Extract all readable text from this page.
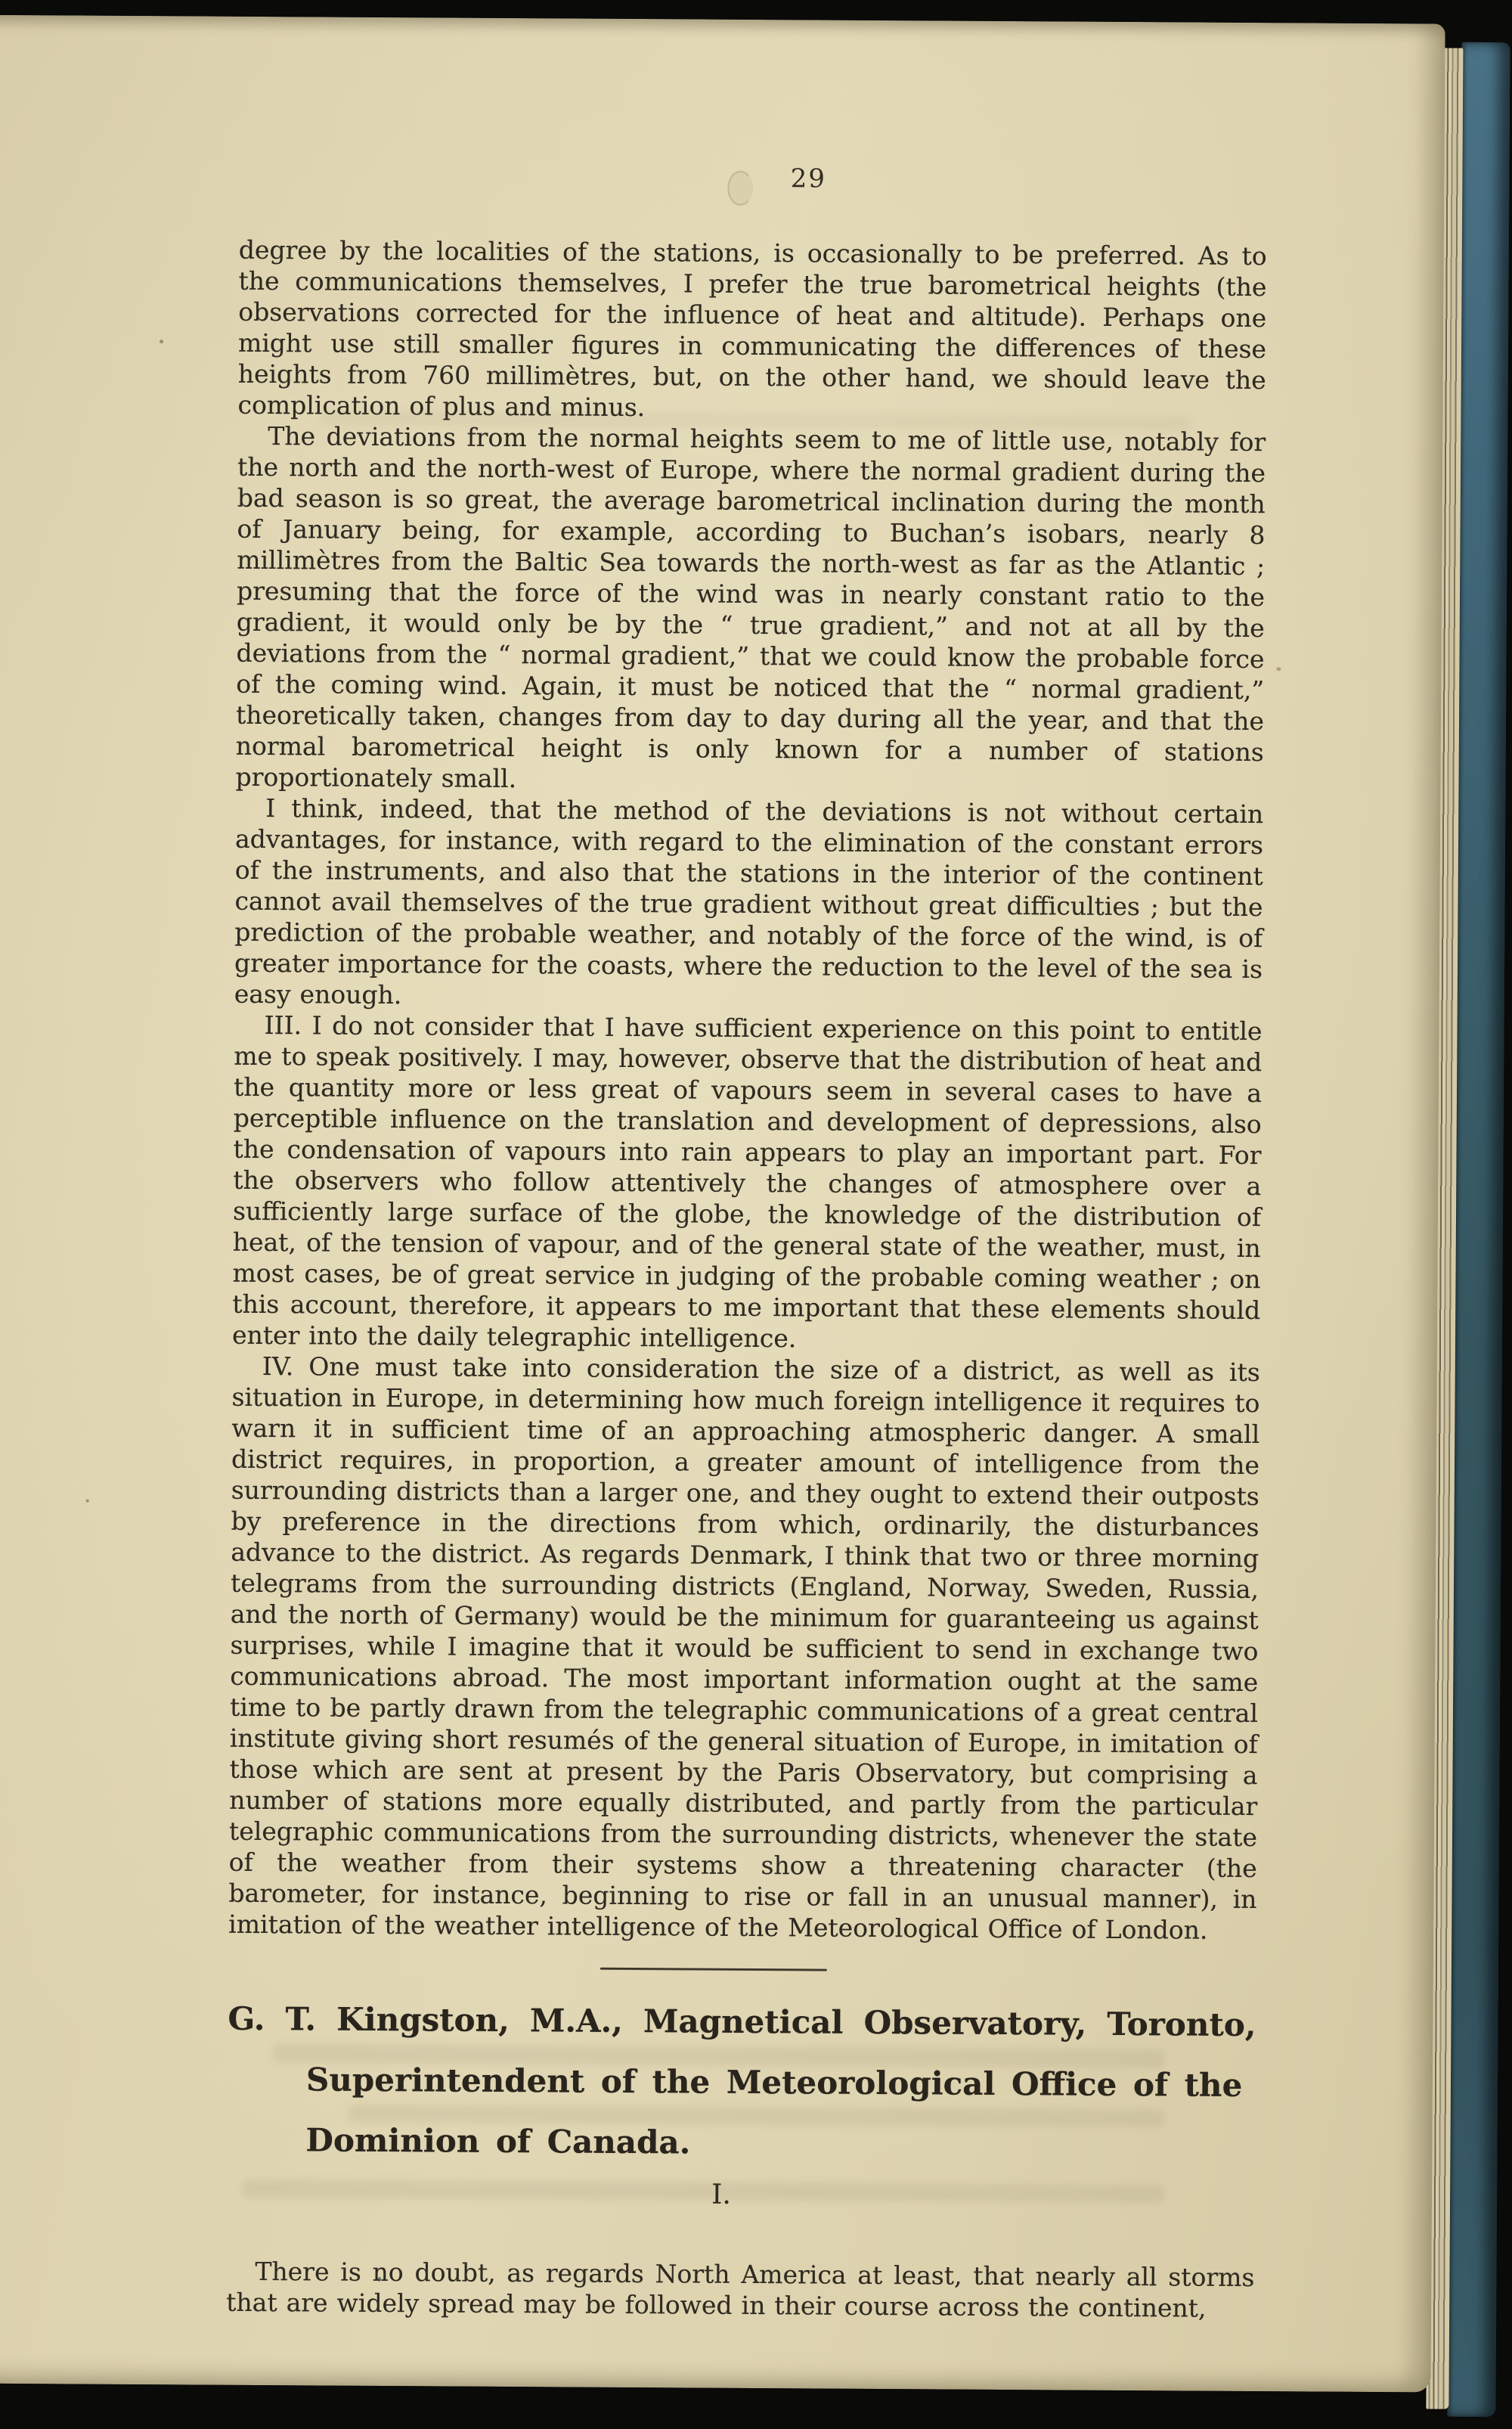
29

degree by the localities of the stations, is occasionally to be preferred. As to the communications themselves, I prefer the true barometrical heights (the observations corrected for the influence of heat and altitude). Perhaps one might use still smaller figures in communicating the differences of these heights from 760 millimètres, but, on the other hand, we should leave the complication of plus and minus.

The deviations from the normal heights seem to me of little use, notably for the north and the north-west of Europe, where the normal gradient during the bad season is so great, the average barometrical inclination during the month of January being, for example, according to Buchan’s isobars, nearly 8 millimètres from the Baltic Sea towards the north-west as far as the Atlantic ; presuming that the force of the wind was in nearly constant ratio to the gradient, it would only be by the “ true gradient,” and not at all by the deviations from the “ normal gradient,” that we could know the probable force of the coming wind. Again, it must be noticed that the “ normal gradient,” theoretically taken, changes from day to day during all the year, and that the normal barometrical height is only known for a number of stations proportionately small.

I think, indeed, that the method of the deviations is not without certain advantages, for instance, with regard to the elimination of the constant errors of the instruments, and also that the stations in the interior of the continent cannot avail themselves of the true gradient without great difficulties ; but the prediction of the probable weather, and notably of the force of the wind, is of greater importance for the coasts, where the reduction to the level of the sea is easy enough.

III. I do not consider that I have sufficient experience on this point to entitle me to speak positively. I may, however, observe that the distribution of heat and the quantity more or less great of vapours seem in several cases to have a perceptible influence on the translation and development of depressions, also the condensation of vapours into rain appears to play an important part. For the observers who follow attentively the changes of atmosphere over a sufficiently large surface of the globe, the knowledge of the distribution of heat, of the tension of vapour, and of the general state of the weather, must, in most cases, be of great service in judging of the probable coming weather ; on this account, therefore, it appears to me important that these elements should enter into the daily telegraphic intelligence.

IV. One must take into consideration the size of a district, as well as its situation in Europe, in determining how much foreign intelligence it requires to warn it in sufficient time of an approaching atmospheric danger. A small district requires, in proportion, a greater amount of intelligence from the surrounding districts than a larger one, and they ought to extend their outposts by preference in the directions from which, ordinarily, the disturbances advance to the district. As regards Denmark, I think that two or three morning telegrams from the surrounding districts (England, Norway, Sweden, Russia, and the north of Germany) would be the minimum for guaranteeing us against surprises, while I imagine that it would be sufficient to send in exchange two communications abroad. The most important information ought at the same time to be partly drawn from the telegraphic communications of a great central institute giving short resumés of the general situation of Europe, in imitation of those which are sent at present by the Paris Observatory, but comprising a number of stations more equally distributed, and partly from the particular telegraphic communications from the surrounding districts, whenever the state of the weather from their systems show a threatening character (the barometer, for instance, beginning to rise or fall in an unusual manner), in imitation of the weather intelligence of the Meteorological Office of London.

G. T. Kingston, M.A., Magnetical Observatory, Toronto,
Superintendent of the Meteorological Office of the
Dominion of Canada.
I.

There is no doubt, as regards North America at least, that nearly all storms that are widely spread may be followed in their course across the continent,
